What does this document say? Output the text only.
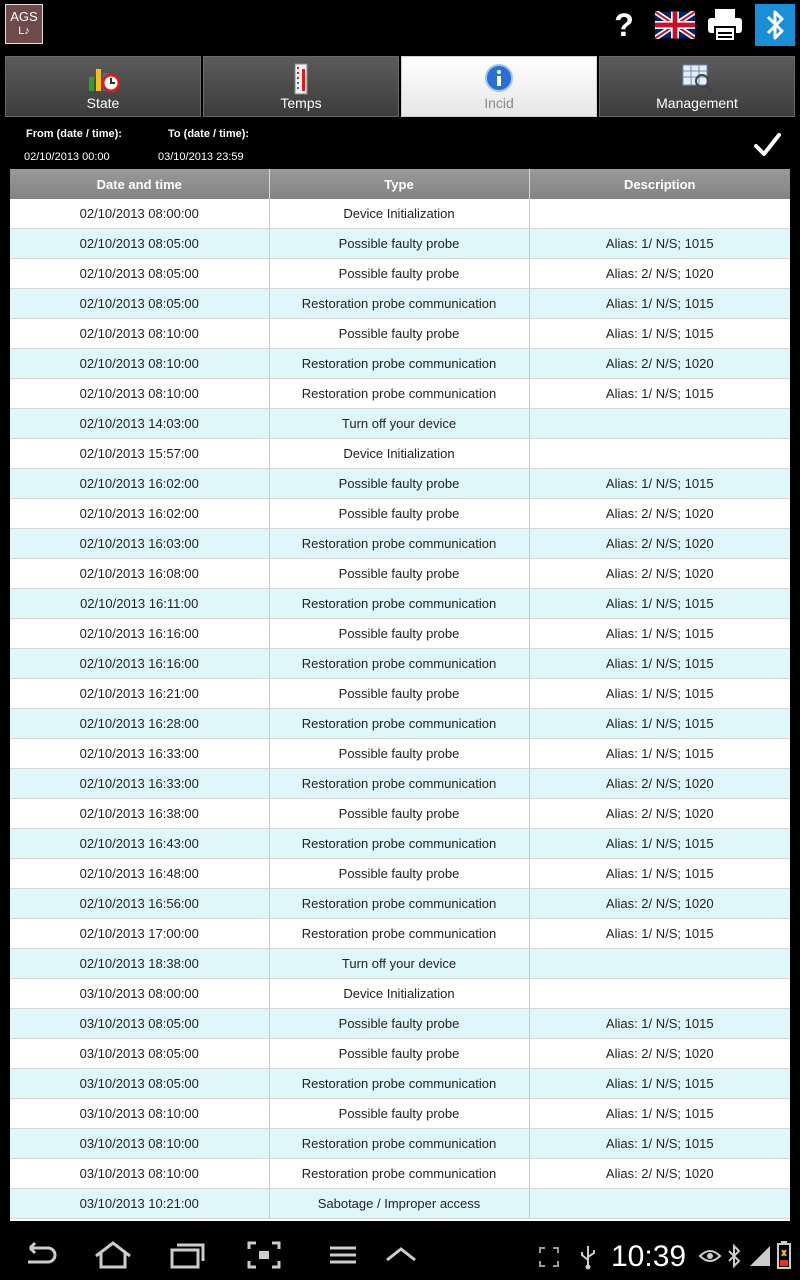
AGS
L♪	?
State	Temps	Incid	Management
From (date / time):
02/10/2013 00:00
To (date / time):
03/10/2013 23:59
Date and time	Type	Description
02/10/2013 08:00:00	Device Initialization	
02/10/2013 08:05:00	Possible faulty probe	Alias: 1/ N/S; 1015
02/10/2013 08:05:00	Possible faulty probe	Alias: 2/ N/S; 1020
02/10/2013 08:05:00	Restoration probe communication	Alias: 1/ N/S; 1015
02/10/2013 08:10:00	Possible faulty probe	Alias: 1/ N/S; 1015
02/10/2013 08:10:00	Restoration probe communication	Alias: 2/ N/S; 1020
02/10/2013 08:10:00	Restoration probe communication	Alias: 1/ N/S; 1015
02/10/2013 14:03:00	Turn off your device	
02/10/2013 15:57:00	Device Initialization	
02/10/2013 16:02:00	Possible faulty probe	Alias: 1/ N/S; 1015
02/10/2013 16:02:00	Possible faulty probe	Alias: 2/ N/S; 1020
02/10/2013 16:03:00	Restoration probe communication	Alias: 2/ N/S; 1020
02/10/2013 16:08:00	Possible faulty probe	Alias: 2/ N/S; 1020
02/10/2013 16:11:00	Restoration probe communication	Alias: 1/ N/S; 1015
02/10/2013 16:16:00	Possible faulty probe	Alias: 1/ N/S; 1015
02/10/2013 16:16:00	Restoration probe communication	Alias: 1/ N/S; 1015
02/10/2013 16:21:00	Possible faulty probe	Alias: 1/ N/S; 1015
02/10/2013 16:28:00	Restoration probe communication	Alias: 1/ N/S; 1015
02/10/2013 16:33:00	Possible faulty probe	Alias: 1/ N/S; 1015
02/10/2013 16:33:00	Restoration probe communication	Alias: 2/ N/S; 1020
02/10/2013 16:38:00	Possible faulty probe	Alias: 2/ N/S; 1020
02/10/2013 16:43:00	Restoration probe communication	Alias: 1/ N/S; 1015
02/10/2013 16:48:00	Possible faulty probe	Alias: 1/ N/S; 1015
02/10/2013 16:56:00	Restoration probe communication	Alias: 2/ N/S; 1020
02/10/2013 17:00:00	Restoration probe communication	Alias: 1/ N/S; 1015
02/10/2013 18:38:00	Turn off your device	
03/10/2013 08:00:00	Device Initialization	
03/10/2013 08:05:00	Possible faulty probe	Alias: 1/ N/S; 1015
03/10/2013 08:05:00	Possible faulty probe	Alias: 2/ N/S; 1020
03/10/2013 08:05:00	Restoration probe communication	Alias: 1/ N/S; 1015
03/10/2013 08:10:00	Possible faulty probe	Alias: 1/ N/S; 1015
03/10/2013 08:10:00	Restoration probe communication	Alias: 1/ N/S; 1015
03/10/2013 08:10:00	Restoration probe communication	Alias: 2/ N/S; 1020
03/10/2013 10:21:00	Sabotage / Improper access	
10:39
